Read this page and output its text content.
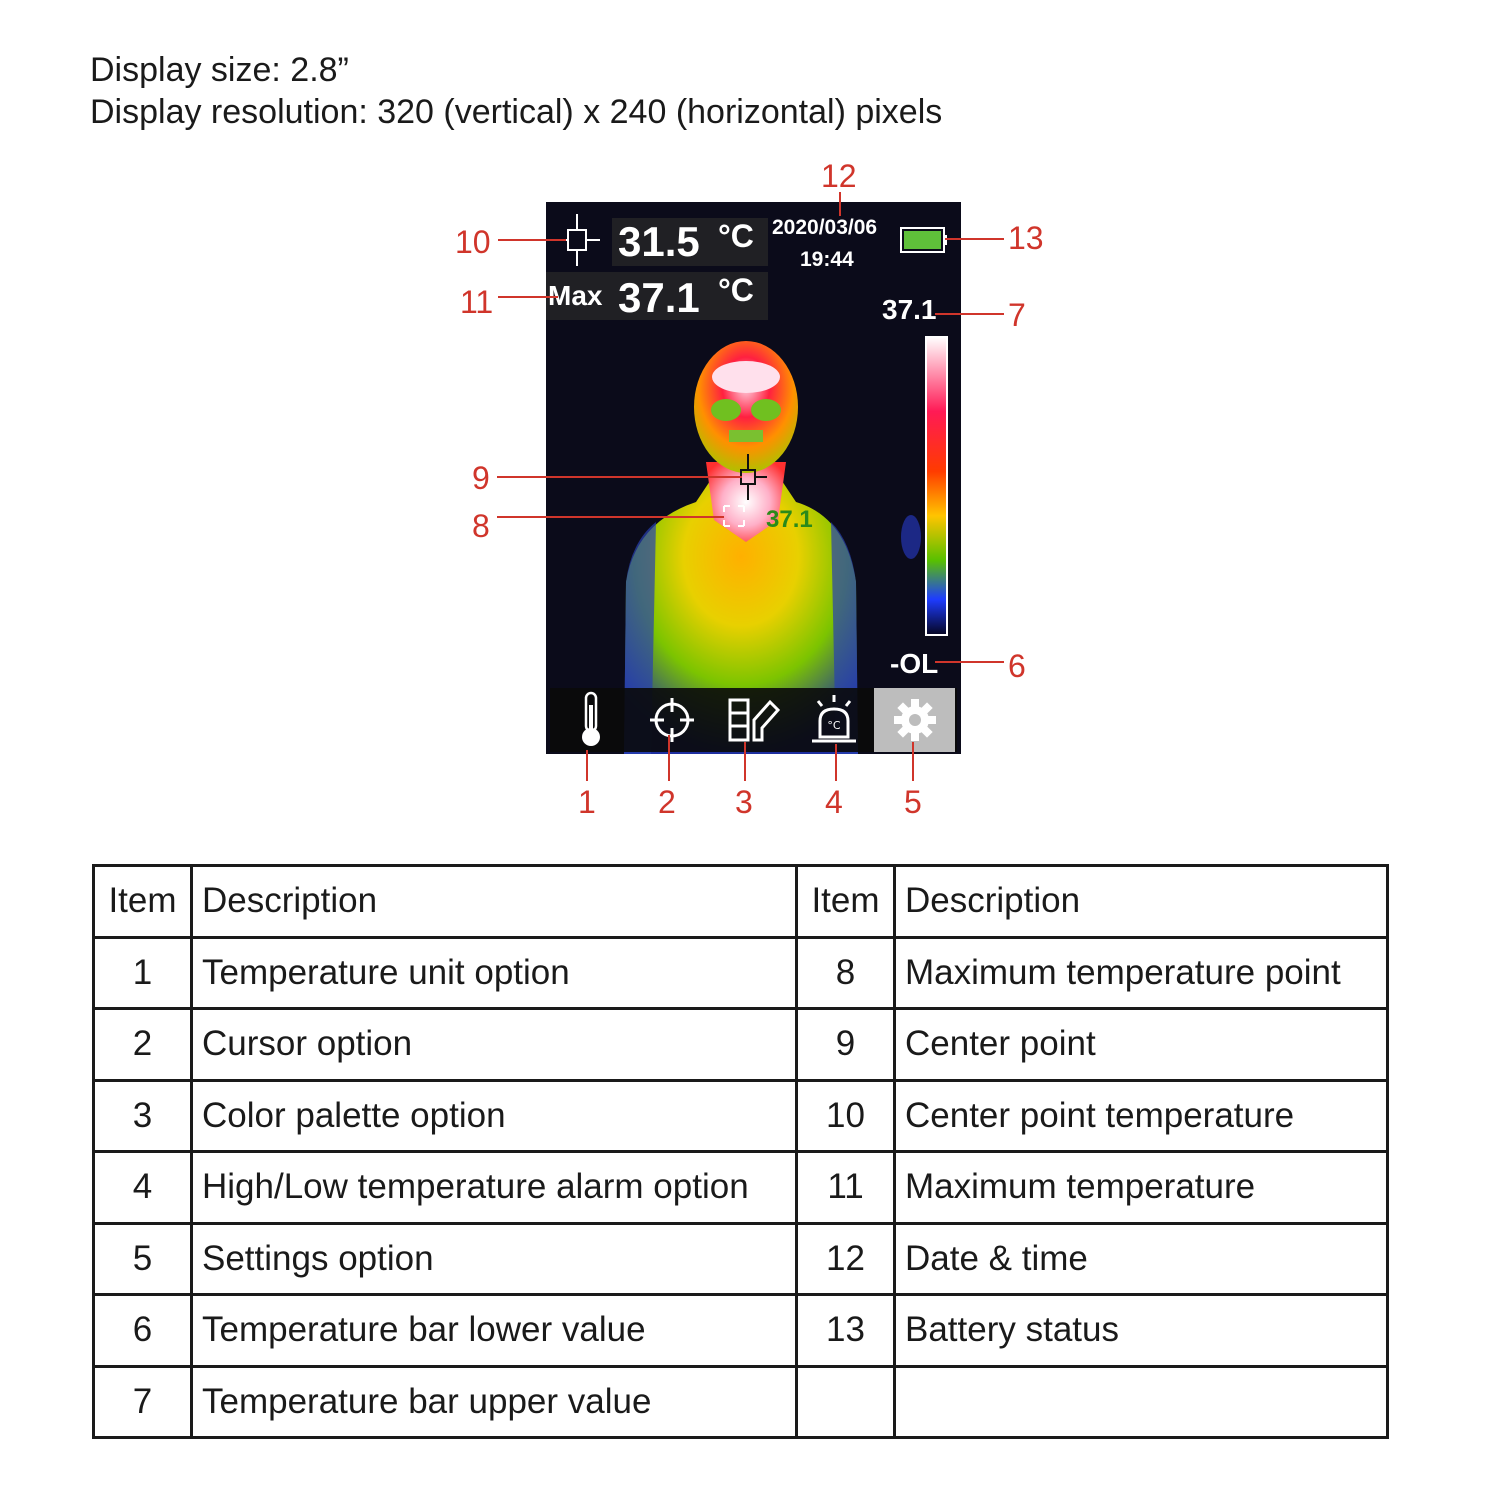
Display size: 2.8”
Display resolution: 320 (vertical) x 240 (horizontal) pixels
31.5 °C 2020/03/06
19:44
Max 37.1 °C
37.1
-OL
37.1
°C
12
10	13
11	7
9
8
6
1 2 3 4 5
Item	Description	Item	Description
1	Temperature unit option	8	Maximum temperature point
2	Cursor option	9	Center point
3	Color palette option	10	Center point temperature
4	High/Low temperature alarm option	11	Maximum temperature
5	Settings option	12	Date & time
6	Temperature bar lower value	13	Battery status
7	Temperature bar upper value		
